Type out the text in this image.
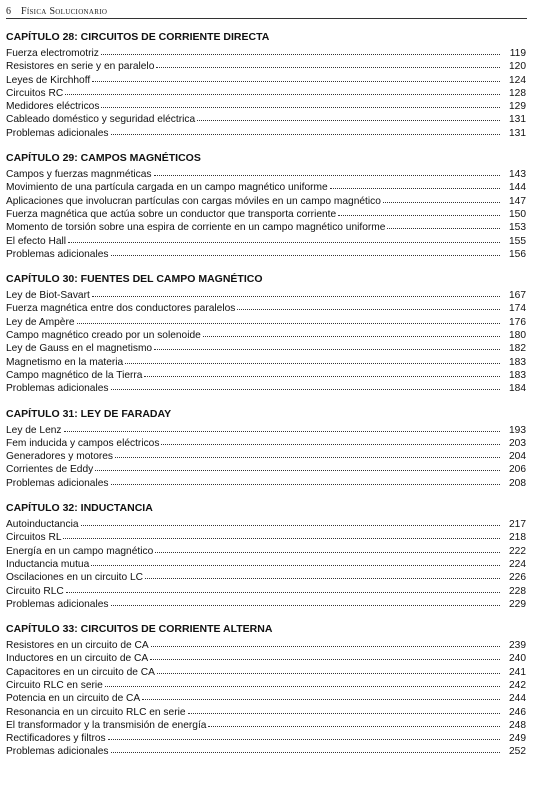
6 Física Solucionario
CAPÍTULO 28: CIRCUITOS DE CORRIENTE DIRECTA
Fuerza electromotriz	119
Resistores en serie y en paralelo	120
Leyes de Kirchhoff	124
Circuitos RC	128
Medidores eléctricos	129
Cableado doméstico y seguridad eléctrica	131
Problemas adicionales	131
CAPÍTULO 29: CAMPOS MAGNÉTICOS
Campos y fuerzas magnméticas	143
Movimiento de una partícula cargada en un campo magnético uniforme	144
Aplicaciones que involucran partículas con cargas móviles en un campo magnético	147
Fuerza magnética que actúa sobre un conductor que transporta corriente	150
Momento de torsión sobre una espira de corriente en un campo magnético uniforme	153
El efecto Hall	155
Problemas adicionales	156
CAPÍTULO 30: FUENTES DEL CAMPO MAGNÉTICO
Ley de Biot-Savart	167
Fuerza magnética entre dos conductores paralelos	174
Ley de Ampère	176
Campo magnético creado por un solenoide	180
Ley de Gauss en el magnetismo	182
Magnetismo en la materia	183
Campo magnético de la Tierra	183
Problemas adicionales	184
CAPÍTULO 31: LEY DE FARADAY
Ley de Lenz	193
Fem inducida y campos eléctricos	203
Generadores y motores	204
Corrientes de Eddy	206
Problemas adicionales	208
CAPÍTULO 32: INDUCTANCIA
Autoinductancia	217
Circuitos RL	218
Energía en un campo magnético	222
Inductancia mutua	224
Oscilaciones en un circuito LC	226
Circuito RLC	228
Problemas adicionales	229
CAPÍTULO 33: CIRCUITOS DE CORRIENTE ALTERNA
Resistores en un circuito de CA	239
Inductores en un circuito de CA	240
Capacitores en un circuito de CA	241
Circuito RLC en serie	242
Potencia en un circuito de CA	244
Resonancia en un circuito RLC en serie	246
El transformador y la transmisión de energía	248
Rectificadores y filtros	249
Problemas adicionales	252
